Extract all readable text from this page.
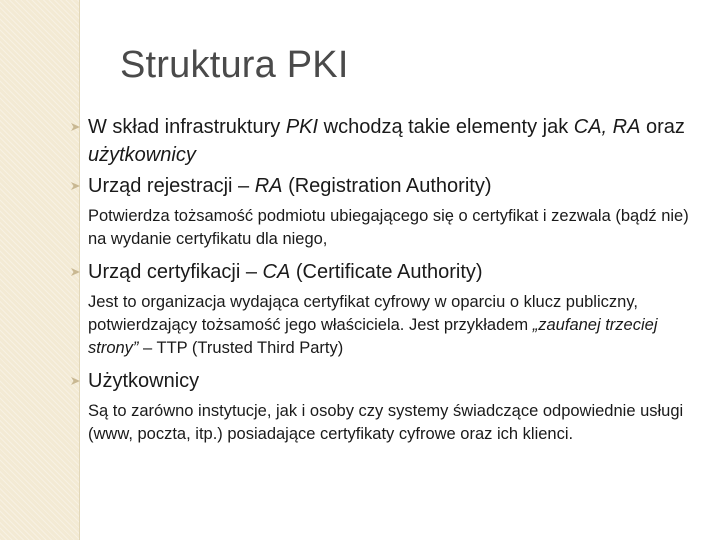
Struktura PKI
W skład infrastruktury PKI wchodzą takie elementy jak CA, RA oraz użytkownicy
Urząd rejestracji – RA (Registration Authority)
Potwierdza tożsamość podmiotu ubiegającego się o certyfikat i zezwala (bądź nie) na wydanie certyfikatu dla niego,
Urząd certyfikacji – CA (Certificate Authority)
Jest to organizacja wydająca certyfikat cyfrowy w oparciu o klucz publiczny, potwierdzający tożsamość jego właściciela. Jest przykładem „zaufanej trzeciej strony” – TTP (Trusted Third Party)
Użytkownicy
Są to zarówno instytucje, jak i osoby czy systemy świadczące odpowiednie usługi (www, poczta, itp.) posiadające certyfikaty cyfrowe oraz ich klienci.
